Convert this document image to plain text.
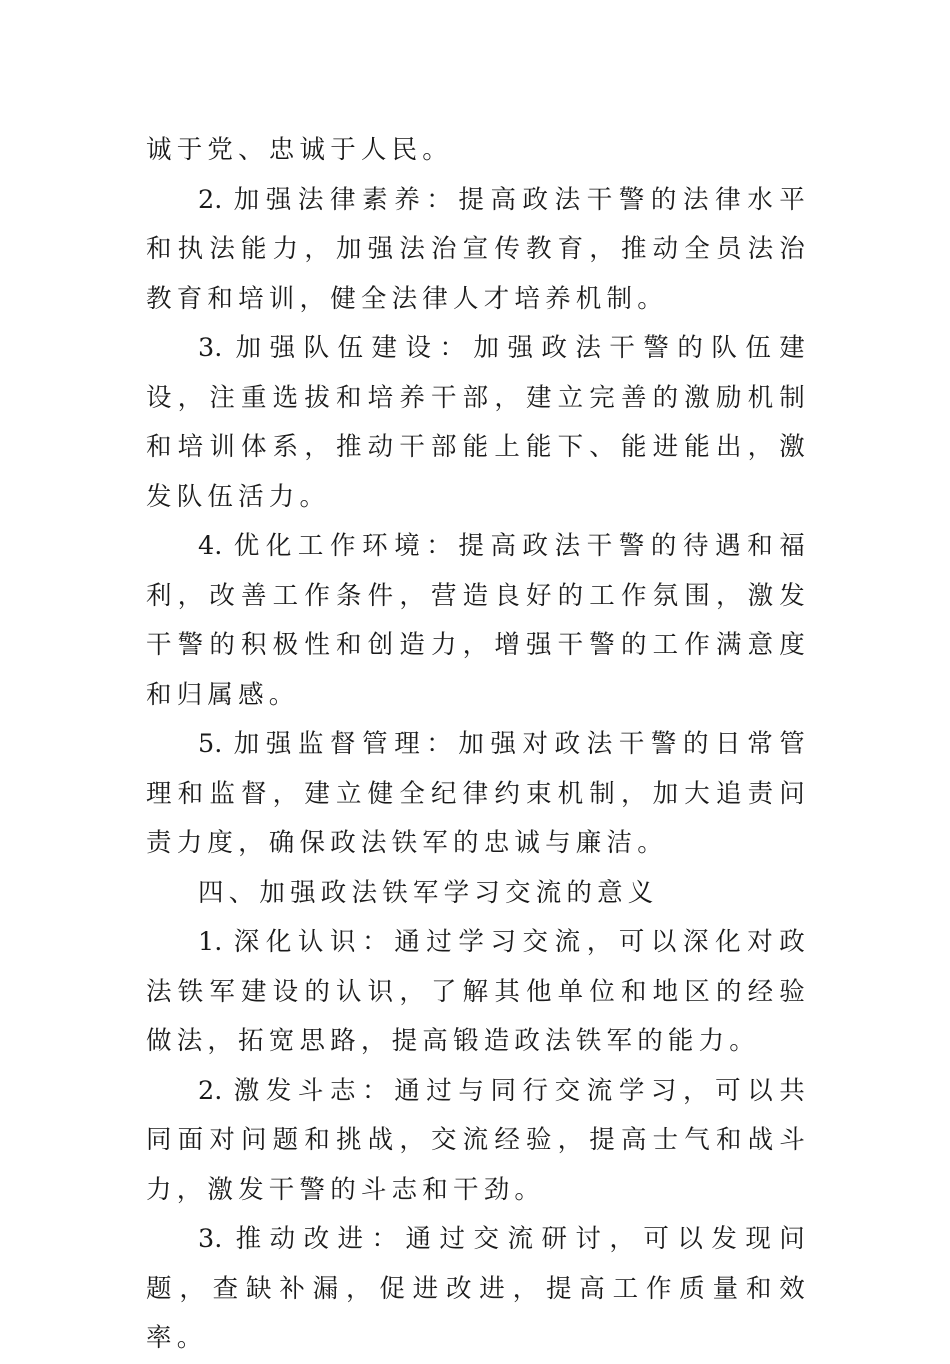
诚于党、忠诚于人民。

2. 加强法律素养：提高政法干警的法律水平和执法能力，加强法治宣传教育，推动全员法治教育和培训，健全法律人才培养机制。

3. 加强队伍建设：加强政法干警的队伍建设，注重选拔和培养干部，建立完善的激励机制和培训体系，推动干部能上能下、能进能出，激发队伍活力。

4. 优化工作环境：提高政法干警的待遇和福利，改善工作条件，营造良好的工作氛围，激发干警的积极性和创造力，增强干警的工作满意度和归属感。

5. 加强监督管理：加强对政法干警的日常管理和监督，建立健全纪律约束机制，加大追责问责力度，确保政法铁军的忠诚与廉洁。

四、加强政法铁军学习交流的意义

1. 深化认识：通过学习交流，可以深化对政法铁军建设的认识，了解其他单位和地区的经验做法，拓宽思路，提高锻造政法铁军的能力。

2. 激发斗志：通过与同行交流学习，可以共同面对问题和挑战，交流经验，提高士气和战斗力，激发干警的斗志和干劲。

3. 推动改进：通过交流研讨，可以发现问题，查缺补漏，促进改进，提高工作质量和效率。
